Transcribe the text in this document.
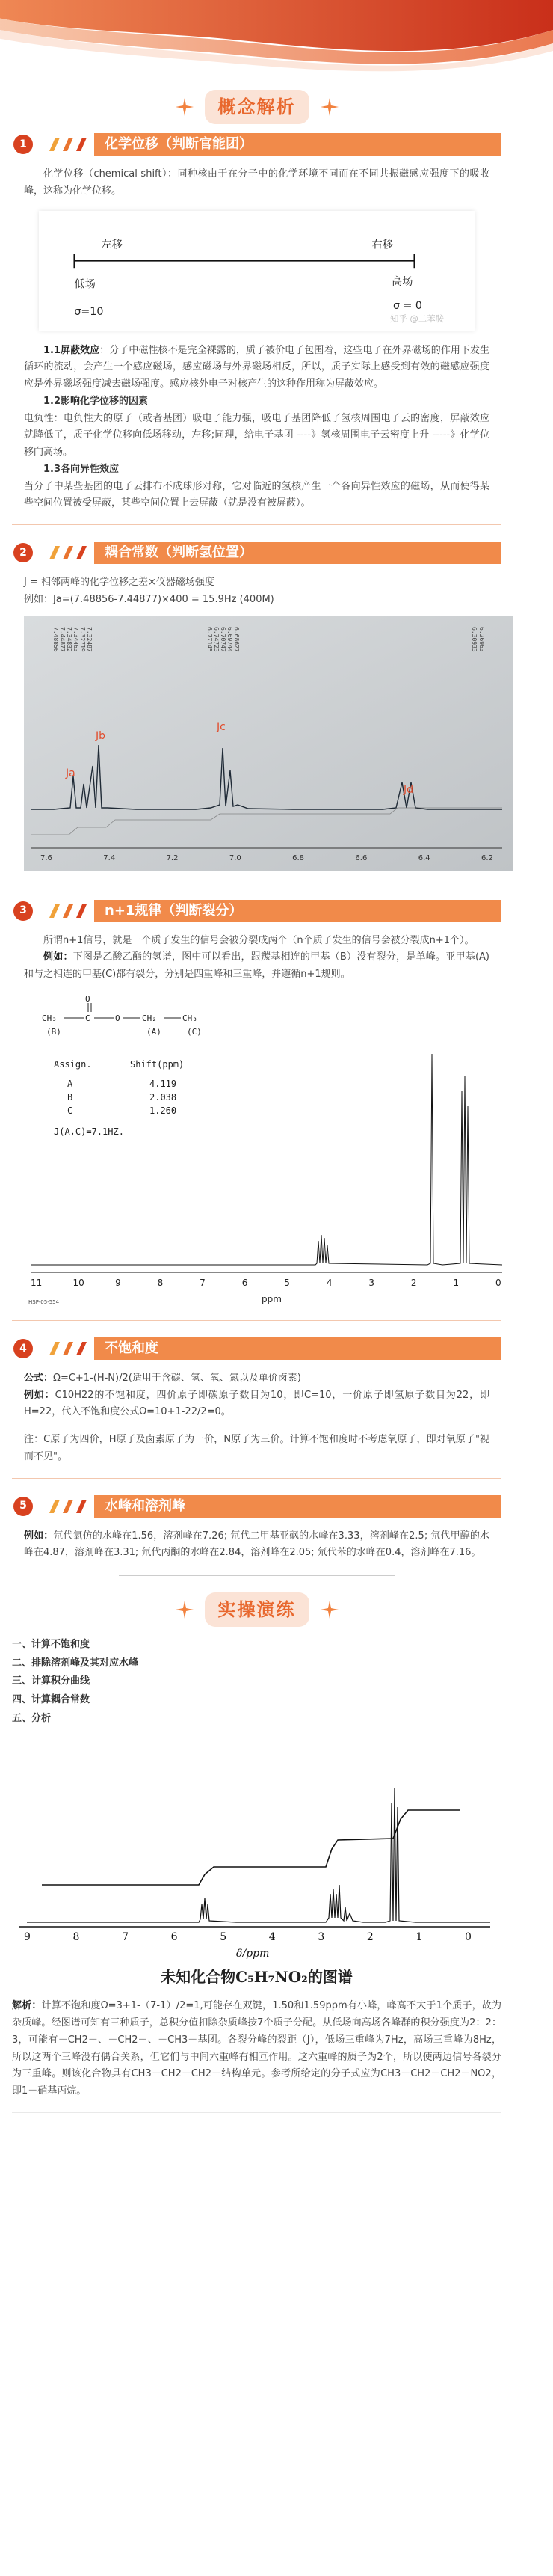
概念解析
1	化学位移（判断官能团）

化学位移（chemical shift）：同种核由于在分子中的化学环境不同而在不同共振磁感应强度下的吸收峰，这称为化学位移。

左移	右移
低场	高场
σ=10	σ = 0
知乎 @二苯胺

1.1屏蔽效应：分子中磁性核不是完全裸露的，质子被价电子包围着，这些电子在外界磁场的作用下发生循环的流动，会产生一个感应磁场，感应磁场与外界磁场相反，所以，质子实际上感受到有效的磁感应强度应是外界磁场强度减去磁场强度。感应核外电子对核产生的这种作用称为屏蔽效应。

1.2影响化学位移的因素

电负性：电负性大的原子（或者基团）吸电子能力强，吸电子基团降低了氢核周围电子云的密度，屏蔽效应就降低了，质子化学位移向低场移动，左移;同理，给电子基团 ----》氢核周围电子云密度上升 -----》化学位移向高场。

1.3各向异性效应

当分子中某些基团的电子云排布不成球形对称，它对临近的氢核产生一个各向异性效应的磁场，从而使得某些空间位置被受屏蔽，某些空间位置上去屏蔽（就是没有被屏蔽）。

2	耦合常数（判断氢位置）

J = 相邻两峰的化学位移之差×仪器磁场强度

例如：Ja=(7.48856-7.44877)×400 = 15.9Hz (400M)

7.48856 7.44877 7.34832 7.34463 7.32719 7.32487	6.77145 6.74723 6.70747 6.69744 6.68627	6.30933 6.26963
7.6	7.4	7.2	7.0	6.8	6.6	6.4	6.2
Ja
Jb
Jc
Jd
3	n+1规律（判断裂分）

所谓n+1信号，就是一个质子发生的信号会被分裂成两个（n个质子发生的信号会被分裂成n+1个）。

例如：下图是乙酸乙酯的氢谱，图中可以看出，跟羰基相连的甲基（B）没有裂分，是单峰。亚甲基(A)和与之相连的甲基(C)都有裂分，分别是四重峰和三重峰，并遵循n+1规则。

CH₃	C
O
O	CH₂	CH₃
(B)	(A)	(C)
Assign.	Shift(ppm)
A	4.119
B	2.038
C	1.260
J(A,C)=7.1HZ.
11	10	9	8	7	6	5	4	3	2	1	0
ppm
HSP-05-554
4	不饱和度

公式：Ω=C+1-(H-N)/2(适用于含碳、氢、氧、氮以及单价卤素)

例如：C10H22的不饱和度，四价原子即碳原子数目为10，即C=10，一价原子即氢原子数目为22，即H=22，代入不饱和度公式Ω=10+1-22/2=0。

注：C原子为四价，H原子及卤素原子为一价，N原子为三价。计算不饱和度时不考虑氧原子，即对氧原子"视而不见"。

5	水峰和溶剂峰

例如：氘代氯仿的水峰在1.56，溶剂峰在7.26; 氘代二甲基亚砜的水峰在3.33，溶剂峰在2.5; 氘代甲醇的水峰在4.87，溶剂峰在3.31; 氘代丙酮的水峰在2.84，溶剂峰在2.05; 氘代苯的水峰在0.4，溶剂峰在7.16。

实操演练
一、计算不饱和度
二、排除溶剂峰及其对应水峰
三、计算积分曲线
四、计算耦合常数
五、分析
9	8	7	6	5	4	3	2	1	0
δ/ppm
未知化合物C₅H₇NO₂的图谱

解析：计算不饱和度Ω=3+1-（7-1）/2=1,可能存在双键，1.50和1.59ppm有小峰，峰高不大于1个质子，故为杂质峰。经图谱可知有三种质子，总积分值扣除杂质峰按7个质子分配。从低场向高场各峰群的积分强度为2：2：3，可能有－CH2－、－CH2－、－CH3－基团。各裂分峰的裂距（J），低场三重峰为7Hz，高场三重峰为8Hz，所以这两个三峰没有偶合关系，但它们与中间六重峰有相互作用。这六重峰的质子为2个，所以使两边信号各裂分为三重峰。则该化合物具有CH3－CH2－CH2－结构单元。参考所给定的分子式应为CH3－CH2－CH2－NO2，即1－硝基丙烷。
